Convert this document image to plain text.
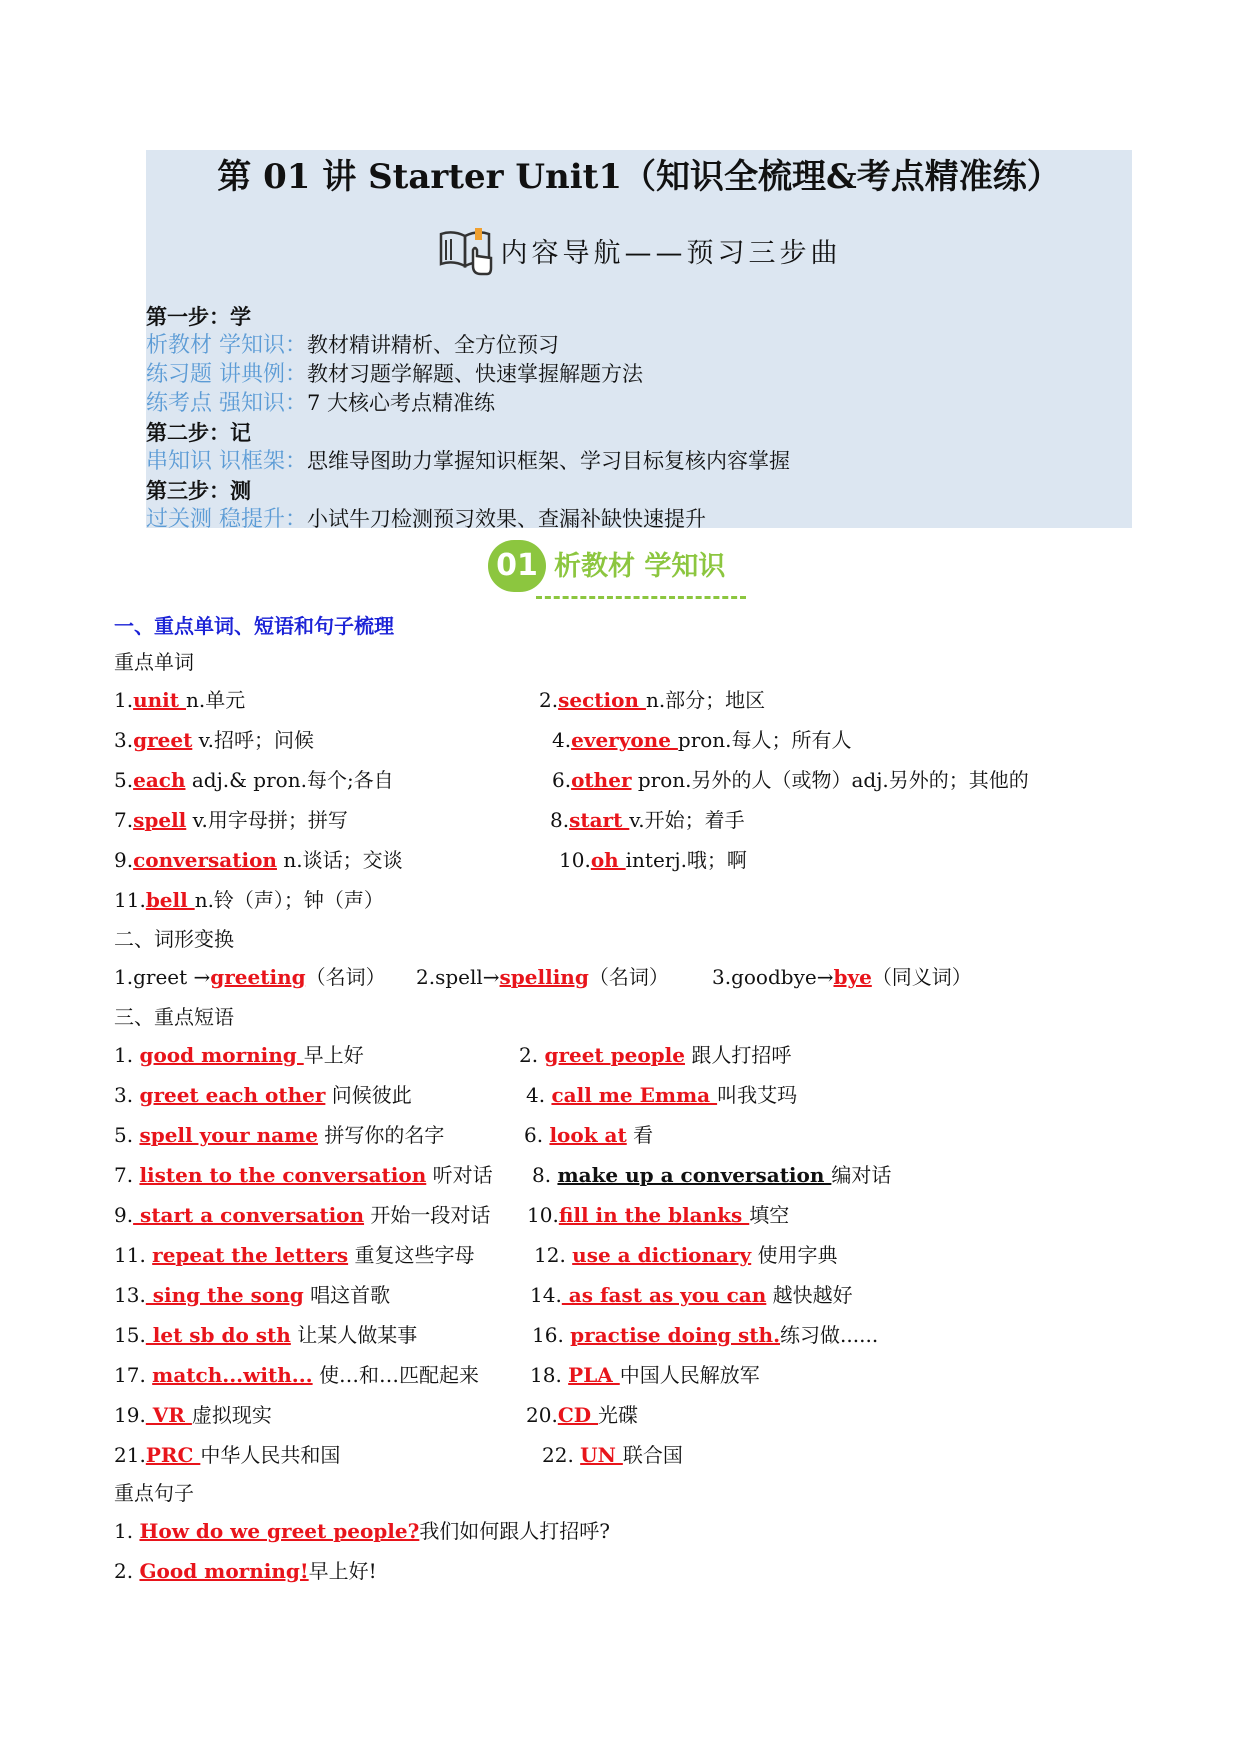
第 01 讲 Starter Unit1（知识全梳理&考点精准练）
内容导航——预习三步曲
第一步：学
析教材 学知识：教材精讲精析、全方位预习
练习题 讲典例：教材习题学解题、快速掌握解题方法
练考点 强知识：7 大核心考点精准练
第二步：记
串知识 识框架：思维导图助力掌握知识框架、学习目标复核内容掌握
第三步：测
过关测 稳提升：小试牛刀检测预习效果、查漏补缺快速提升
01 析教材 学知识
一、重点单词、短语和句子梳理
重点单词
1.unit n.单元	2.section n.部分；地区
3.greet v.招呼；问候	4.everyone pron.每人；所有人
5.each adj.& pron.每个;各自	6.other pron.另外的人（或物）adj.另外的；其他的
7.spell v.用字母拼；拼写	8.start v.开始；着手
9.conversation n.谈话；交谈	10.oh interj.哦；啊
11.bell n.铃（声）；钟（声）
二、词形变换
1.greet →greeting（名词） 2.spell→spelling（名词） 3.goodbye→bye（同义词）
三、重点短语
1. good morning 早上好	2. greet people 跟人打招呼
3. greet each other 问候彼此	4. call me Emma 叫我艾玛
5. spell your name 拼写你的名字	6. look at 看
7. listen to the conversation 听对话 8. make up a conversation 编对话
9. start a conversation 开始一段对话 10.fill in the blanks 填空
11. repeat the letters 重复这些字母	12. use a dictionary 使用字典
13. sing the song 唱这首歌	14. as fast as you can 越快越好
15. let sb do sth 让某人做某事	16. practise doing sth.练习做......
17. match...with... 使…和…匹配起来	18. PLA 中国人民解放军
19. VR 虚拟现实	20.CD 光碟
21.PRC 中华人民共和国	22. UN 联合国
重点句子
1. How do we greet people?我们如何跟人打招呼?
2. Good morning!早上好!
